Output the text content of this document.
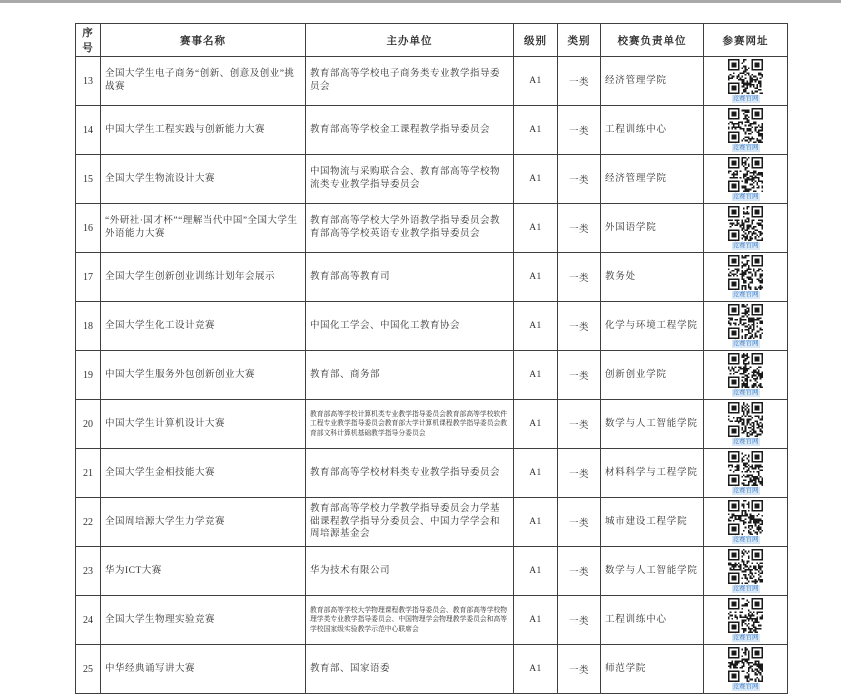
序号	赛事名称	主办单位	级别	类别	校赛负责单位	参赛网址
13	全国大学生电子商务“创新、创意及创业”挑战赛	教育部高等学校电子商务类专业教学指导委员会	A1	一类	经济管理学院	竞赛官网

14	中国大学生工程实践与创新能力大赛	教育部高等学校金工课程教学指导委员会	A1	一类	工程训练中心	竞赛官网

15	全国大学生物流设计大赛	中国物流与采购联合会、教育部高等学校物流类专业教学指导委员会	A1	一类	经济管理学院	竞赛官网

16	“外研社·国才杯”“理解当代中国”全国大学生外语能力大赛	教育部高等学校大学外语教学指导委员会教育部高等学校英语专业教学指导委员会	A1	一类	外国语学院	竞赛官网

17	全国大学生创新创业训练计划年会展示	教育部高等教育司	A1	一类	教务处	竞赛官网

18	全国大学生化工设计竞赛	中国化工学会、中国化工教育协会	A1	一类	化学与环境工程学院	竞赛官网

19	中国大学生服务外包创新创业大赛	教育部、商务部	A1	一类	创新创业学院	竞赛官网

20	中国大学生计算机设计大赛	教育部高等学校计算机类专业教学指导委员会教育部高等学校软件工程专业教学指导委员会教育部大学计算机课程教学指导委员会教育部文科计算机基础教学指导分委员会	A1	一类	数学与人工智能学院	竞赛官网

21	全国大学生金相技能大赛	教育部高等学校材料类专业教学指导委员会	A1	一类	材料科学与工程学院	竞赛官网

22	全国周培源大学生力学竞赛	教育部高等学校力学教学指导委员会力学基础课程教学指导分委员会、中国力学学会和周培源基金会	A1	一类	城市建设工程学院	竞赛官网

23	华为ICT大赛	华为技术有限公司	A1	一类	数学与人工智能学院	竞赛官网

24	全国大学生物理实验竞赛	教育部高等学校大学物理课程教学指导委员会、教育部高等学校物理学类专业教学指导委员会、中国物理学会物理教学委员会和高等学校国家级实验教学示范中心联席会	A1	一类	工程训练中心	竞赛官网

25	中华经典诵写讲大赛	教育部、国家语委	A1	一类	师范学院	竞赛官网
